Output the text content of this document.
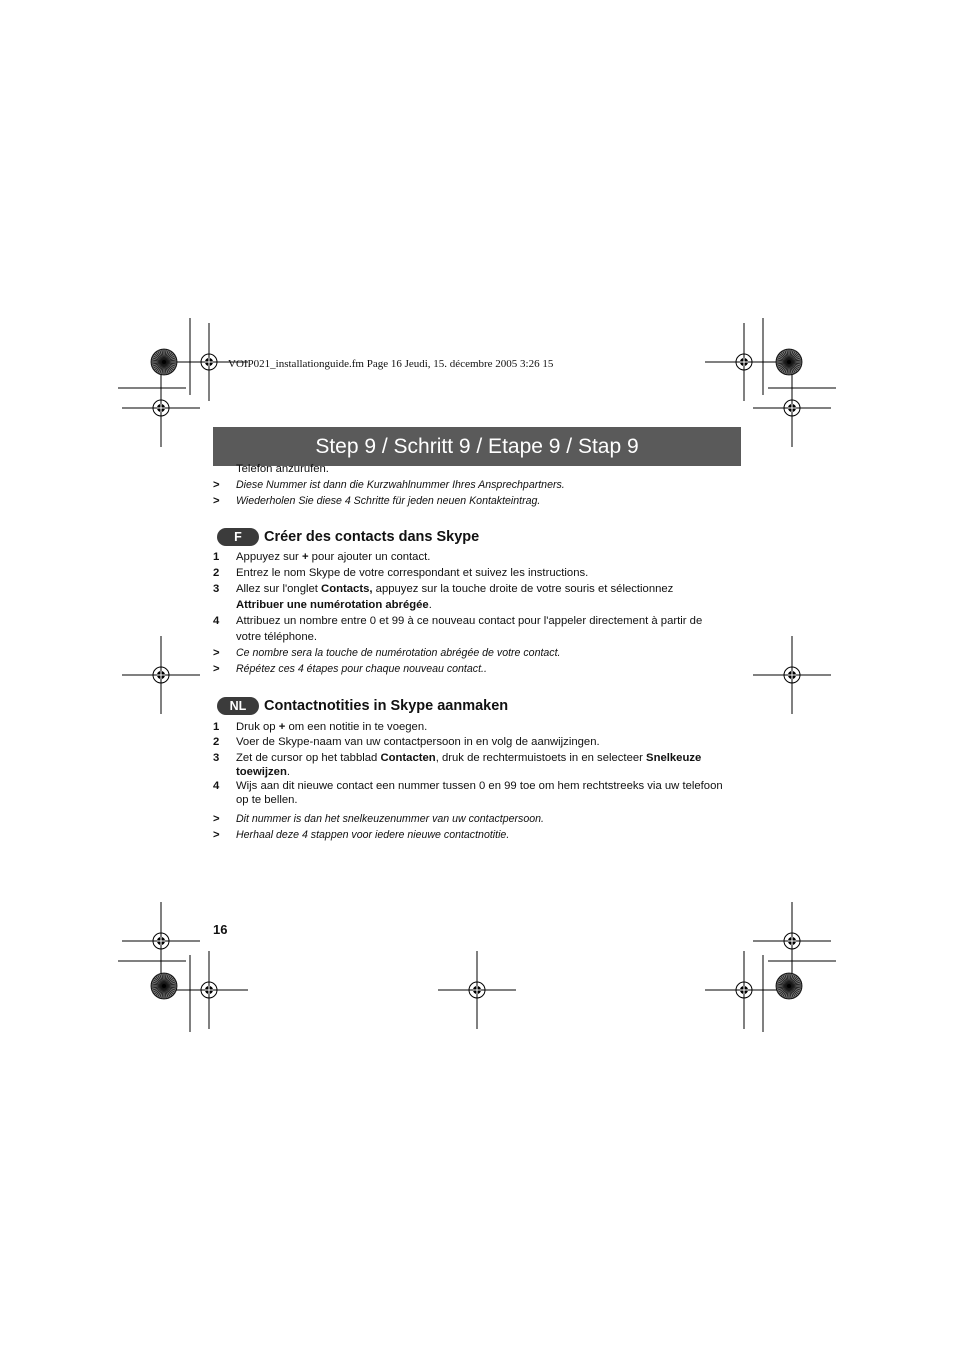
VOIP021_installationguide.fm Page 16 Jeudi, 15. décembre 2005 3:26 15
Step 9 / Schritt 9 / Etape 9 / Stap 9
Telefon anzurufen.
> Diese Nummer ist dann die Kurzwahlnummer Ihres Ansprechpartners.
> Wiederholen Sie diese 4 Schritte für jeden neuen Kontakteintrag.
F	Créer des contacts dans Skype
1 Appuyez sur + pour ajouter un contact.
2 Entrez le nom Skype de votre correspondant et suivez les instructions.
3 Allez sur l'onglet Contacts, appuyez sur la touche droite de votre souris et sélectionnez
Attribuer une numérotation abrégée.
4 Attribuez un nombre entre 0 et 99 à ce nouveau contact pour l'appeler directement à partir de
votre téléphone.
> Ce nombre sera la touche de numérotation abrégée de votre contact.
> Répétez ces 4 étapes pour chaque nouveau contact..
NL	Contactnotities in Skype aanmaken
1 Druk op + om een notitie in te voegen.
2 Voer de Skype-naam van uw contactpersoon in en volg de aanwijzingen.
3 Zet de cursor op het tabblad Contacten, druk de rechtermuistoets in en selecteer Snelkeuze
toewijzen.
4 Wijs aan dit nieuwe contact een nummer tussen 0 en 99 toe om hem rechtstreeks via uw telefoon
op te bellen.
> Dit nummer is dan het snelkeuzenummer van uw contactpersoon.
> Herhaal deze 4 stappen voor iedere nieuwe contactnotitie.
16
